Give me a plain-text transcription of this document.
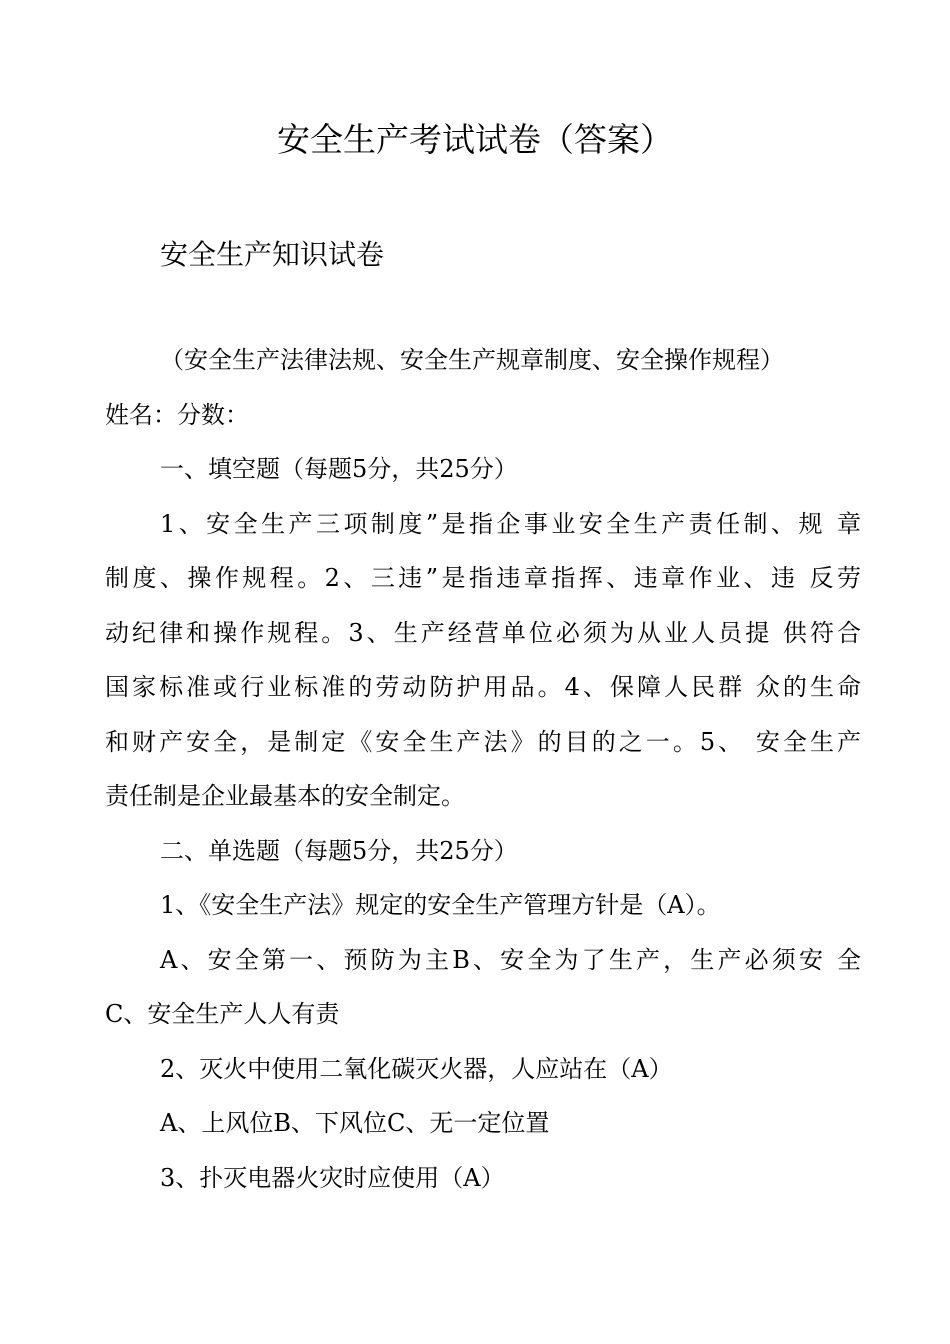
安全生产考试试卷（答案）
安全生产知识试卷
（安全生产法律法规、安全生产规章制度、安全操作规程）
姓名：分数：
一、填空题（每题5分，共25分）
1、安全生产三项制度”是指企事业安全生产责任制、规 章
制度、操作规程。2、三违”是指违章指挥、违章作业、违 反劳
动纪律和操作规程。3、生产经营单位必须为从业人员提 供符合
国家标准或行业标准的劳动防护用品。4、保障人民群 众的生命
和财产安全，是制定《安全生产法》的目的之一。5、 安全生产
责任制是企业最基本的安全制定。
二、单选题（每题5分，共25分）
1、《安全生产法》规定的安全生产管理方针是（A）。
A、安全第一、预防为主B、安全为了生产，生产必须安 全
C、安全生产人人有责
2、灭火中使用二氧化碳灭火器，人应站在（A）
A、上风位B、下风位C、无一定位置
3、扑灭电器火灾时应使用（A）
